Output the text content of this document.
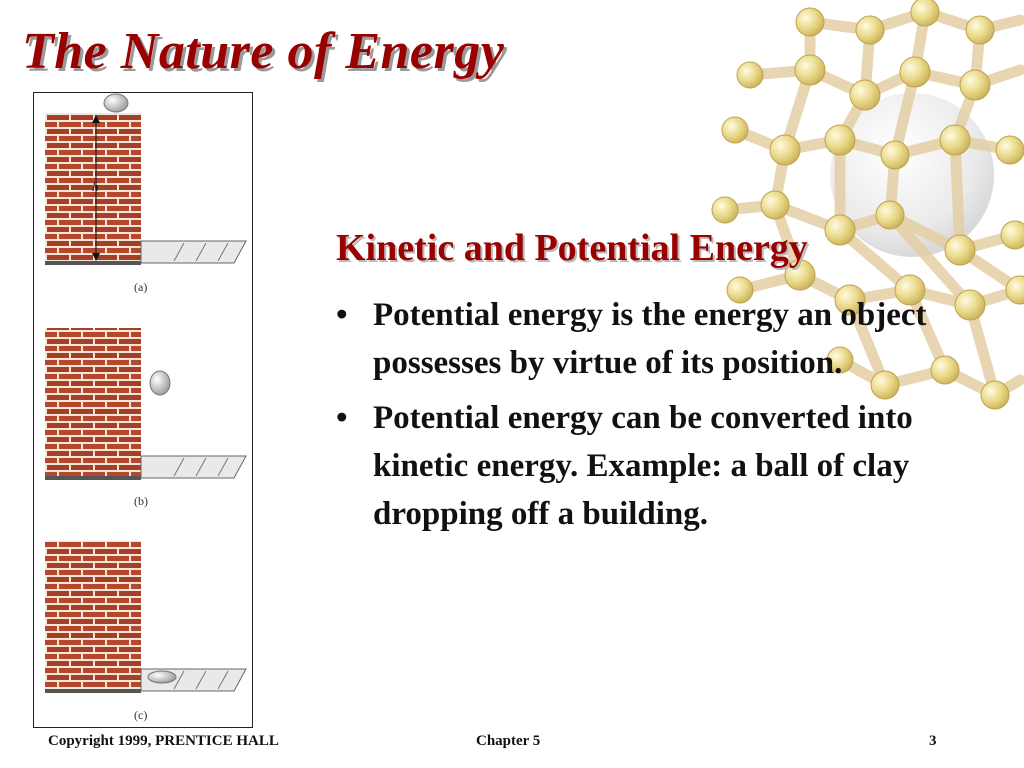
The Nature of Energy
h
(a)
(b)
(c)
Kinetic and Potential Energy
• Potential energy is the energy an object possesses by virtue of its position.
• Potential energy can be converted into kinetic energy. Example: a ball of clay dropping off a building.
Copyright 1999, PRENTICE HALL	Chapter 5	3
